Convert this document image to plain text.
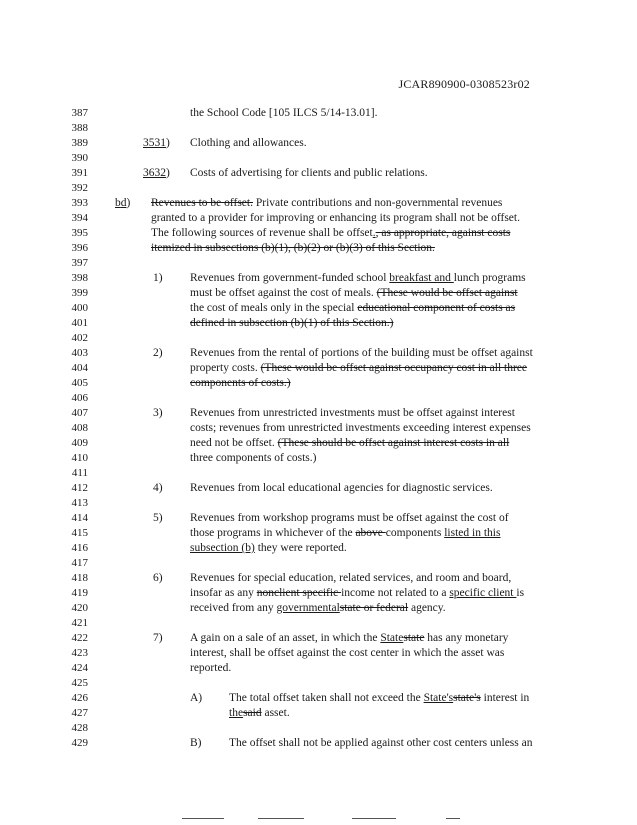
JCAR890900-0308523r02
387
388
389
390
391
392
393
394
395
396
397
398
399
400
401
402
403
404
405
406
407
408
409
410
411
412
413
414
415
416
417
418
419
420
421
422
423
424
425
426
427
428
429
the School Code [105 ILCS 5/14-13.01].
3531) Clothing and allowances.
3632) Costs of advertising for clients and public relations.
bd) Revenues to be offset. Private contributions and non-governmental revenues
granted to a provider for improving or enhancing its program shall not be offset.
The following sources of revenue shall be offset., as appropriate, against costs
itemized in subsections (b)(1), (b)(2) or (b)(3) of this Section.
1) Revenues from government-funded school breakfast and lunch programs
must be offset against the cost of meals. (These would be offset against
the cost of meals only in the special educational component of costs as
defined in subsection (b)(1) of this Section.)
2) Revenues from the rental of portions of the building must be offset against
property costs. (These would be offset against occupancy cost in all three
components of costs.)
3) Revenues from unrestricted investments must be offset against interest
costs; revenues from unrestricted investments exceeding interest expenses
need not be offset. (These should be offset against interest costs in all
three components of costs.)
4) Revenues from local educational agencies for diagnostic services.
5) Revenues from workshop programs must be offset against the cost of
those programs in whichever of the above components listed in this
subsection (b) they were reported.
6) Revenues for special education, related services, and room and board,
insofar as any nonclient specific income not related to a specific client is
received from any governmentalstate or federal agency.
7) A gain on a sale of an asset, in which the Statestate has any monetary
interest, shall be offset against the cost center in which the asset was
reported.
A) The total offset taken shall not exceed the State'sstate's interest in
thesaid asset.
B) The offset shall not be applied against other cost centers unless an
